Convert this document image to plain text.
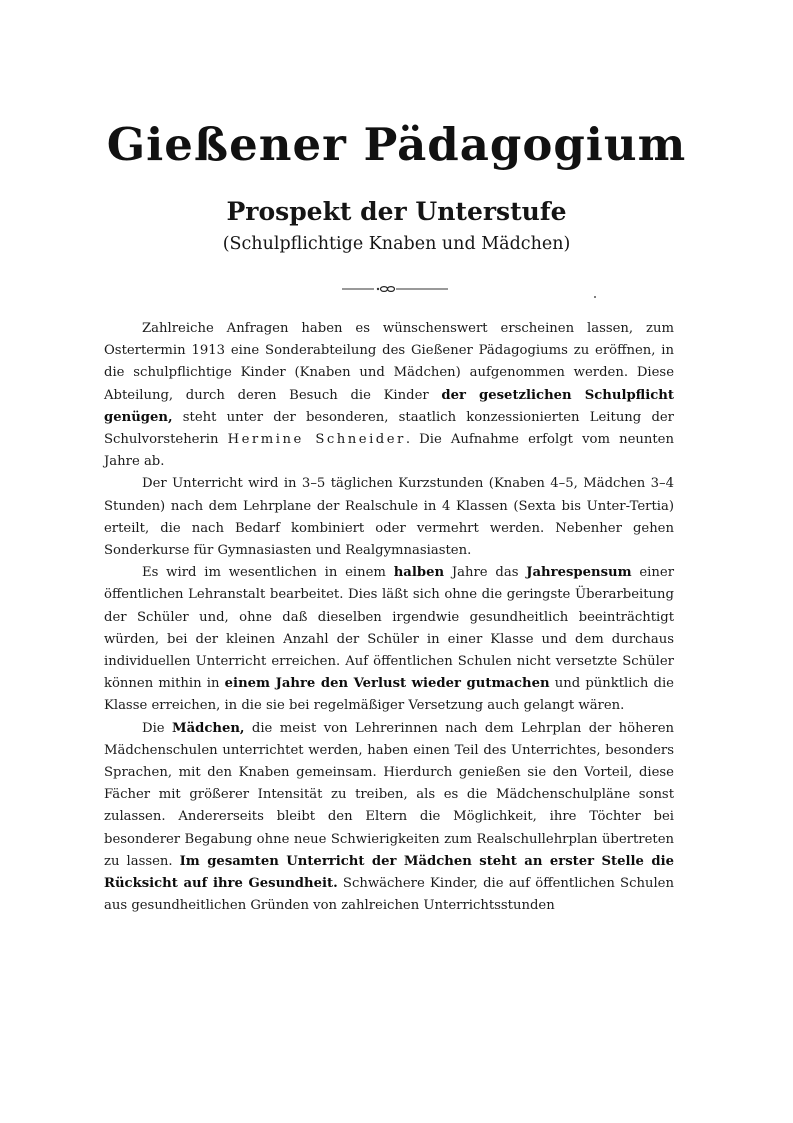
Gießener Pädagogium
Prospekt der Unterstufe
(Schulpflichtige Knaben und Mädchen)

Zahlreiche Anfragen haben es wünschenswert erscheinen lassen, zum Ostertermin 1913 eine Sonderabteilung des Gießener Pädagogiums zu eröffnen, in die schulpflichtige Kinder (Knaben und Mädchen) aufgenommen werden. Diese Abteilung, durch deren Besuch die Kinder der gesetzlichen Schulpflicht genügen, steht unter der besonderen, staatlich konzessionierten Leitung der Schulvorsteherin Hermine Schneider. Die Aufnahme erfolgt vom neunten Jahre ab.

Der Unterricht wird in 3–5 täglichen Kurzstunden (Knaben 4–5, Mädchen 3–4 Stunden) nach dem Lehrplane der Realschule in 4 Klassen (Sexta bis Unter-Tertia) erteilt, die nach Bedarf kombiniert oder vermehrt werden. Nebenher gehen Sonderkurse für Gymnasiasten und Realgymnasiasten.

Es wird im wesentlichen in einem halben Jahre das Jahrespensum einer öffentlichen Lehranstalt bearbeitet. Dies läßt sich ohne die geringste Überarbeitung der Schüler und, ohne daß dieselben irgendwie gesundheitlich beeinträchtigt würden, bei der kleinen Anzahl der Schüler in einer Klasse und dem durchaus individuellen Unterricht erreichen. Auf öffentlichen Schulen nicht versetzte Schüler können mithin in einem Jahre den Verlust wieder gutmachen und pünktlich die Klasse erreichen, in die sie bei regelmäßiger Versetzung auch gelangt wären.

Die Mädchen, die meist von Lehrerinnen nach dem Lehrplan der höheren Mädchenschulen unterrichtet werden, haben einen Teil des Unterrichtes, besonders Sprachen, mit den Knaben gemeinsam. Hierdurch genießen sie den Vorteil, diese Fächer mit größerer Intensität zu treiben, als es die Mädchenschulpläne sonst zulassen. Andererseits bleibt den Eltern die Möglichkeit, ihre Töchter bei besonderer Begabung ohne neue Schwierigkeiten zum Realschullehrplan übertreten zu lassen. Im gesamten Unterricht der Mädchen steht an erster Stelle die Rücksicht auf ihre Gesundheit. Schwächere Kinder, die auf öffentlichen Schulen aus gesundheitlichen Gründen von zahlreichen Unterrichtsstunden
